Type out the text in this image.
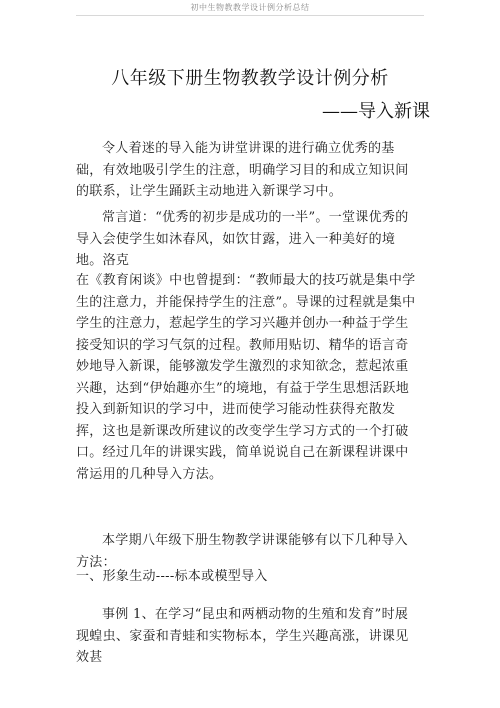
初中生物教教学设计例分析总结
八年级下册生物教教学设计例分析
——导入新课
令人着迷的导入能为讲堂讲课的进行确立优秀的基础，有效地吸引学生的注意，明确学习目的和成立知识间的联系，让学生踊跃主动地进入新课学习中。
常言道：“优秀的初步是成功的一半”。一堂课优秀的导入会使学生如沐春风，如饮甘露，进入一种美好的境地。洛克
在《教育闲谈》中也曾提到：“教师最大的技巧就是集中学生的注意力，并能保持学生的注意”。导课的过程就是集中学生的注意力，惹起学生的学习兴趣并创办一种益于学生接受知识的学习气氛的过程。教师用贴切、精华的语言奇妙地导入新课，能够激发学生激烈的求知欲念，惹起浓重兴趣，达到“伊始趣亦生”的境地，有益于学生思想活跃地投入到新知识的学习中，进而使学习能动性获得充散发挥，这也是新课改所建议的改变学生学习方式的一个打破口。经过几年的讲课实践，简单说说自己在新课程讲课中常运用的几种导入方法。
本学期八年级下册生物教学讲课能够有以下几种导入方法：
一、形象生动----标本或模型导入
事例 1、在学习“昆虫和两栖动物的生殖和发育”时展现蝗虫、家蚕和青蛙和实物标本，学生兴趣高涨，讲课见效甚
